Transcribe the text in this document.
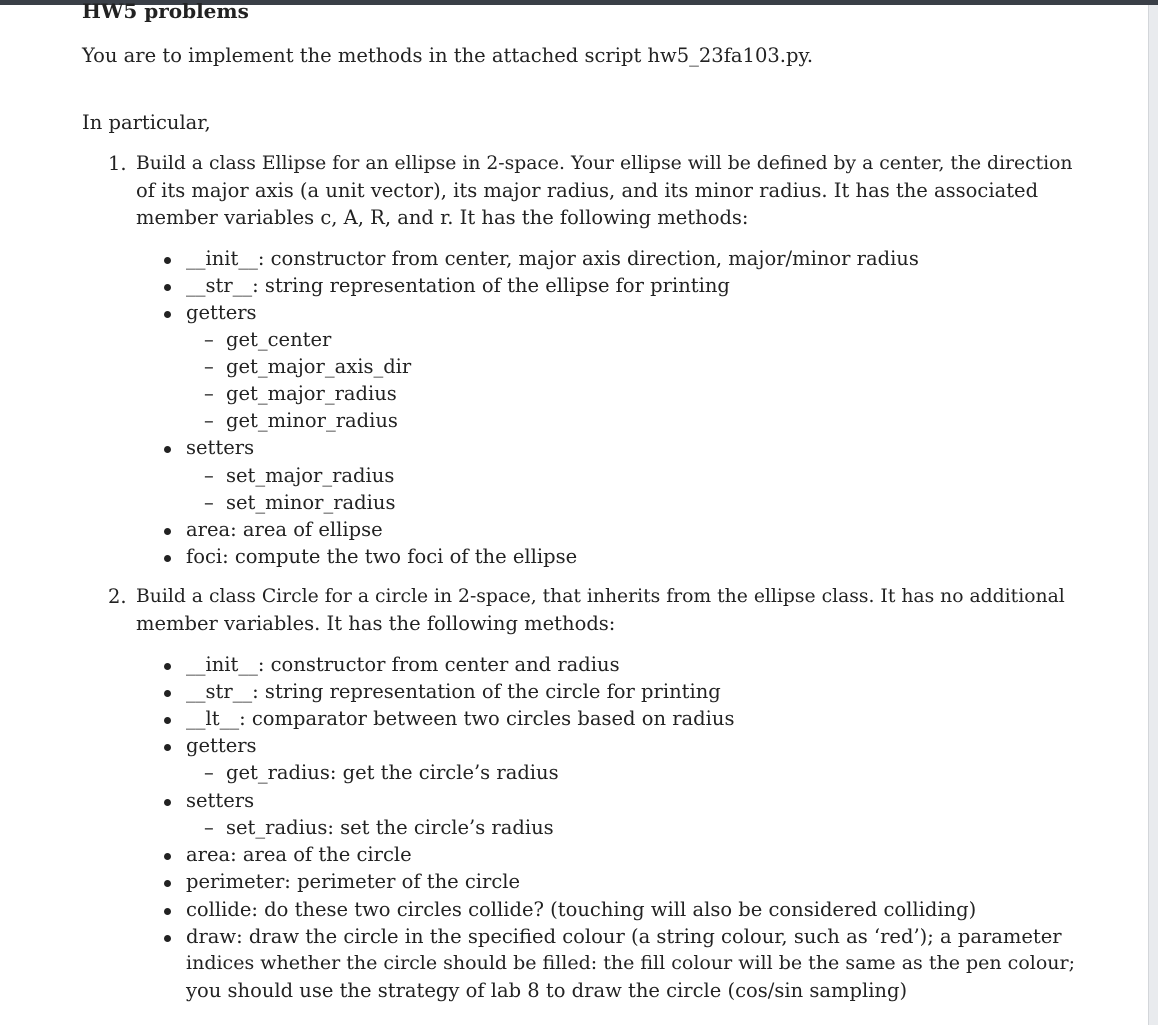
HW5 problems
You are to implement the methods in the attached script hw5_23fa103.py.
In particular,
1. Build a class Ellipse for an ellipse in 2-space. Your ellipse will be defined by a center, the direction
of its major axis (a unit vector), its major radius, and its minor radius. It has the associated
member variables c, A, R, and r. It has the following methods:
__init__: constructor from center, major axis direction, major/minor radius
__str__: string representation of the ellipse for printing
getters
– get_center
– get_major_axis_dir
– get_major_radius
– get_minor_radius
setters
– set_major_radius
– set_minor_radius
area: area of ellipse
foci: compute the two foci of the ellipse
2. Build a class Circle for a circle in 2-space, that inherits from the ellipse class. It has no additional
member variables. It has the following methods:
__init__: constructor from center and radius
__str__: string representation of the circle for printing
__lt__: comparator between two circles based on radius
getters
– get_radius: get the circle’s radius
setters
– set_radius: set the circle’s radius
area: area of the circle
perimeter: perimeter of the circle
collide: do these two circles collide? (touching will also be considered colliding)
draw: draw the circle in the specified colour (a string colour, such as ‘red’); a parameter
indices whether the circle should be filled: the fill colour will be the same as the pen colour;
you should use the strategy of lab 8 to draw the circle (cos/sin sampling)
